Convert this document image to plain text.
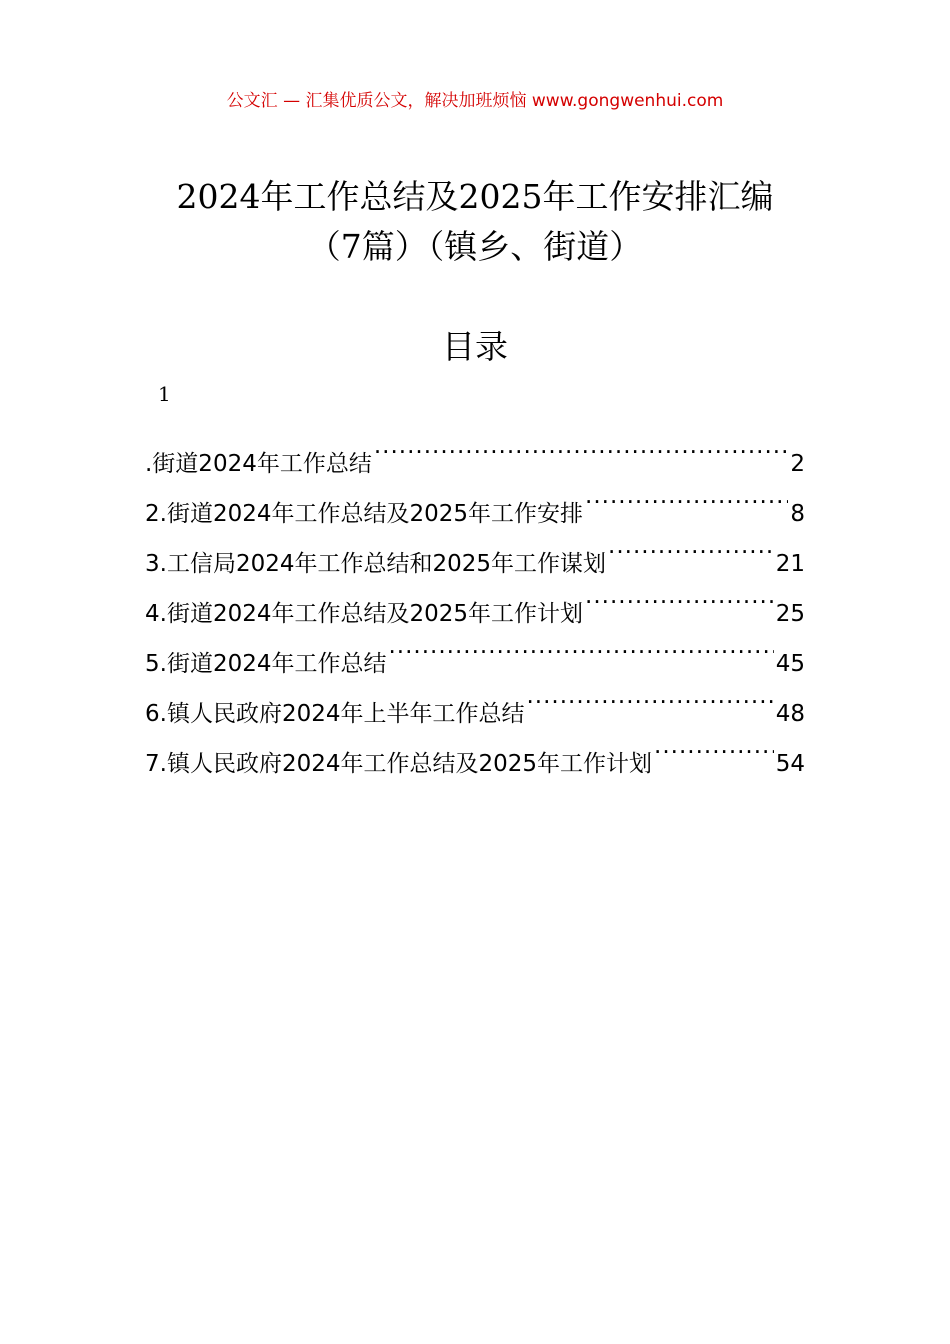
公文汇 — 汇集优质公文，解决加班烦恼 www.gongwenhui.com
2024年工作总结及2025年工作安排汇编
（7篇）（镇乡、街道）
目录
1
.街道2024年工作总结 .....	2
2.街道2024年工作总结及2025年工作安排 .....	8
3.工信局2024年工作总结和2025年工作谋划 .....	21
4.街道2024年工作总结及2025年工作计划 .....	25
5.街道2024年工作总结 .....	45
6.镇人民政府2024年上半年工作总结 .....	48
7.镇人民政府2024年工作总结及2025年工作计划 .....	54
